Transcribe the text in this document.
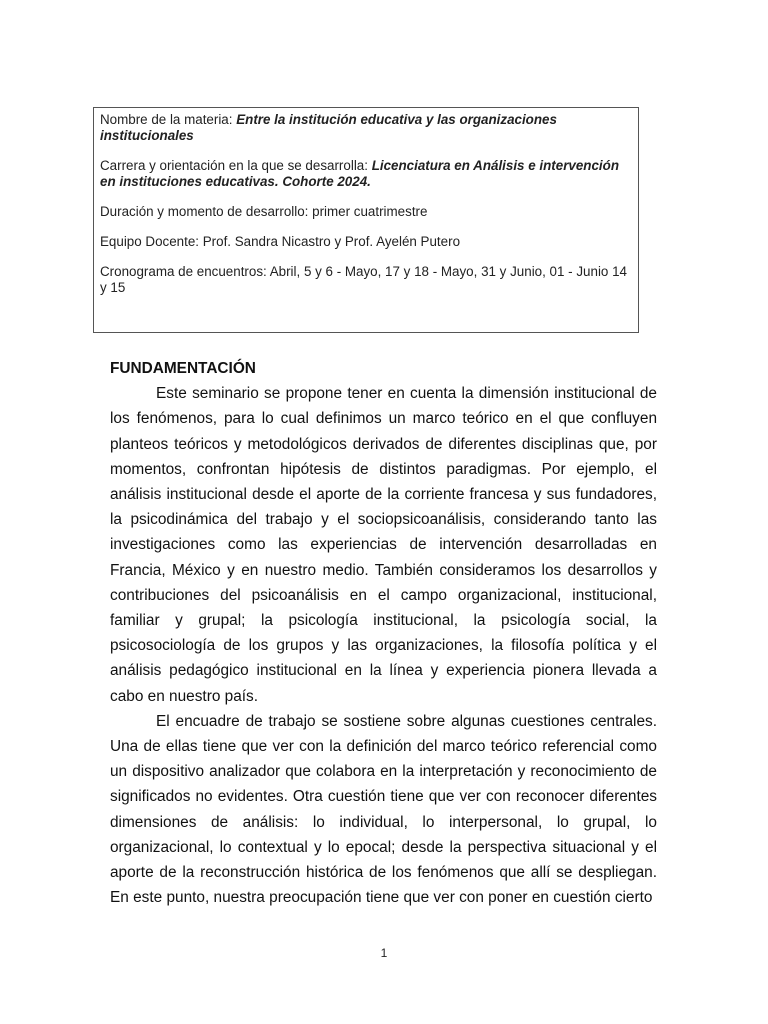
Nombre de la materia: Entre la institución educativa y las organizaciones institucionales

Carrera y orientación en la que se desarrolla: Licenciatura en Análisis e intervención en instituciones educativas. Cohorte 2024.

Duración y momento de desarrollo: primer cuatrimestre

Equipo Docente: Prof. Sandra Nicastro y Prof. Ayelén Putero

Cronograma de encuentros: Abril, 5 y 6 - Mayo, 17 y 18 - Mayo, 31 y Junio, 01 - Junio 14 y 15

FUNDAMENTACIÓN

Este seminario se propone tener en cuenta la dimensión institucional de los fenómenos, para lo cual definimos un marco teórico en el que confluyen planteos teóricos y metodológicos derivados de diferentes disciplinas que, por momentos, confrontan hipótesis de distintos paradigmas. Por ejemplo, el análisis institucional desde el aporte de la corriente francesa y sus fundadores, la psicodinámica del trabajo y el sociopsicoanálisis, considerando tanto las investigaciones como las experiencias de intervención desarrolladas en Francia, México y en nuestro medio. También consideramos los desarrollos y contribuciones del psicoanálisis en el campo organizacional, institucional, familiar y grupal; la psicología institucional, la psicología social, la psicosociología de los grupos y las organizaciones, la filosofía política y el análisis pedagógico institucional en la línea y experiencia pionera llevada a cabo en nuestro país.

El encuadre de trabajo se sostiene sobre algunas cuestiones centrales. Una de ellas tiene que ver con la definición del marco teórico referencial como un dispositivo analizador que colabora en la interpretación y reconocimiento de significados no evidentes. Otra cuestión tiene que ver con reconocer diferentes dimensiones de análisis: lo individual, lo interpersonal, lo grupal, lo organizacional, lo contextual y lo epocal; desde la perspectiva situacional y el aporte de la reconstrucción histórica de los fenómenos que allí se despliegan. En este punto, nuestra preocupación tiene que ver con poner en cuestión cierto

1
